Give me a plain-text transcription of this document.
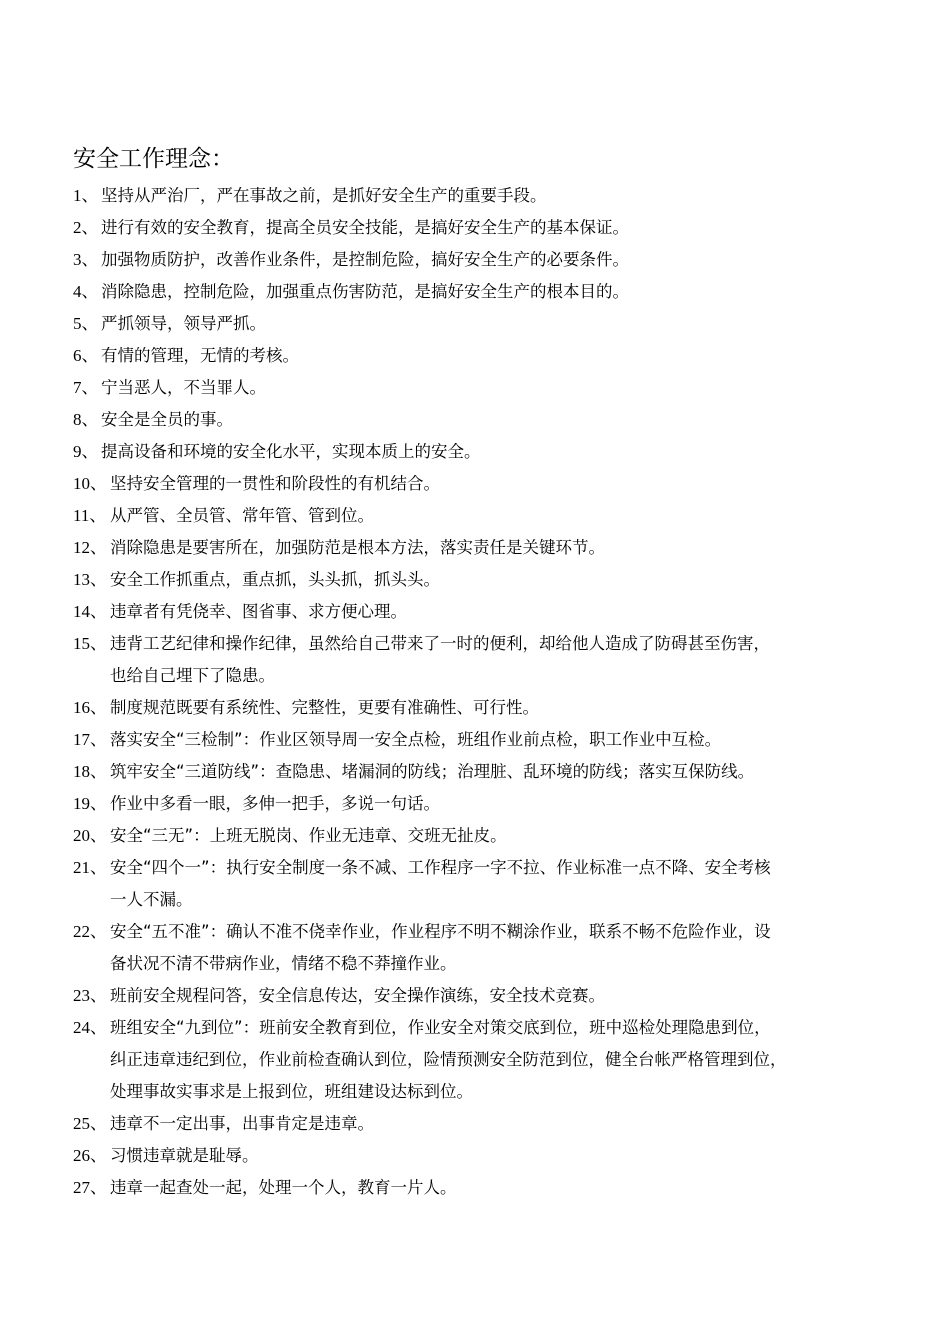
安全工作理念：
1、 坚持从严治厂，严在事故之前，是抓好安全生产的重要手段。
2、 进行有效的安全教育，提高全员安全技能，是搞好安全生产的基本保证。
3、 加强物质防护，改善作业条件，是控制危险，搞好安全生产的必要条件。
4、 消除隐患，控制危险，加强重点伤害防范，是搞好安全生产的根本目的。
5、 严抓领导，领导严抓。
6、 有情的管理，无情的考核。
7、 宁当恶人，不当罪人。
8、 安全是全员的事。
9、 提高设备和环境的安全化水平，实现本质上的安全。
10、 坚持安全管理的一贯性和阶段性的有机结合。
11、 从严管、全员管、常年管、管到位。
12、 消除隐患是要害所在，加强防范是根本方法，落实责任是关键环节。
13、 安全工作抓重点，重点抓，头头抓，抓头头。
14、 违章者有凭侥幸、图省事、求方便心理。
15、 违背工艺纪律和操作纪律，虽然给自己带来了一时的便利，却给他人造成了防碍甚至伤害，
也给自己埋下了隐患。
16、 制度规范既要有系统性、完整性，更要有准确性、可行性。
17、 落实安全“三检制”：作业区领导周一安全点检，班组作业前点检，职工作业中互检。
18、 筑牢安全“三道防线”：查隐患、堵漏洞的防线；治理脏、乱环境的防线；落实互保防线。
19、 作业中多看一眼，多伸一把手，多说一句话。
20、 安全“三无”：上班无脱岗、作业无违章、交班无扯皮。
21、 安全“四个一”：执行安全制度一条不减、工作程序一字不拉、作业标准一点不降、安全考核
一人不漏。
22、 安全“五不准”：确认不准不侥幸作业，作业程序不明不糊涂作业，联系不畅不危险作业，设
备状况不清不带病作业，情绪不稳不莽撞作业。
23、 班前安全规程问答，安全信息传达，安全操作演练，安全技术竞赛。
24、 班组安全“九到位”：班前安全教育到位，作业安全对策交底到位，班中巡检处理隐患到位，
纠正违章违纪到位，作业前检查确认到位，险情预测安全防范到位，健全台帐严格管理到位，
处理事故实事求是上报到位，班组建设达标到位。
25、 违章不一定出事，出事肯定是违章。
26、 习惯违章就是耻辱。
27、 违章一起查处一起，处理一个人，教育一片人。
